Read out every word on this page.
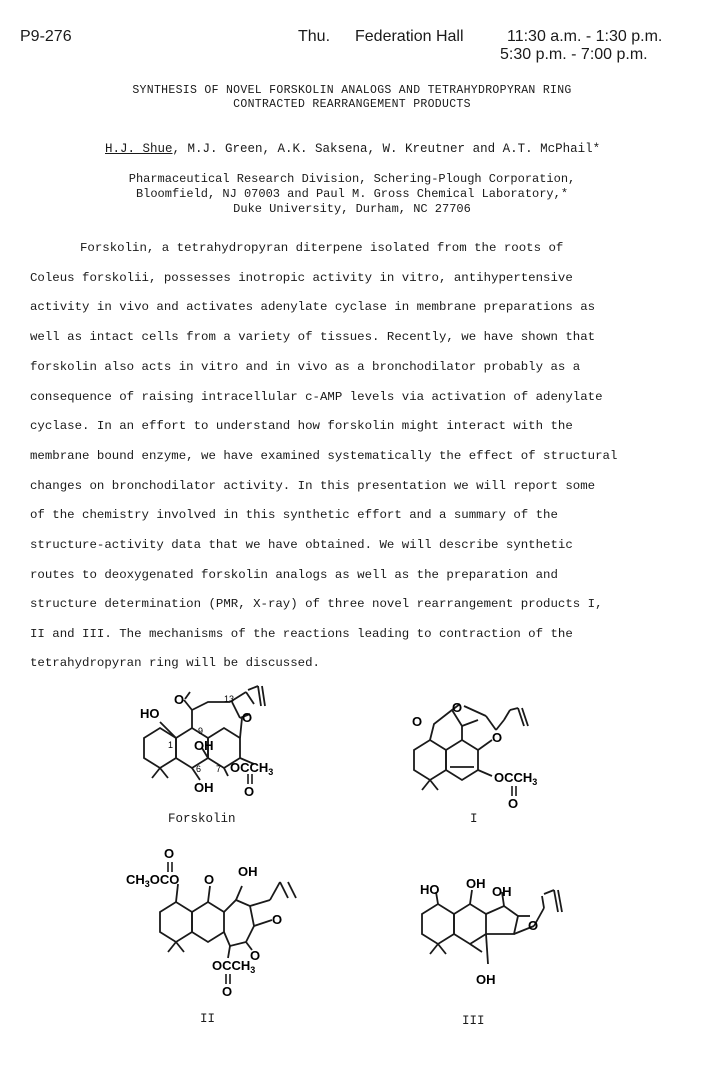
P9-276	Thu. Federation Hall	11:30 a.m. - 1:30 p.m.
5:30 p.m. - 7:00 p.m.
SYNTHESIS OF NOVEL FORSKOLIN ANALOGS AND TETRAHYDROPYRAN RING
CONTRACTED REARRANGEMENT PRODUCTS
H.J. Shue, M.J. Green, A.K. Saksena, W. Kreutner and A.T. McPhail*
Pharmaceutical Research Division, Schering-Plough Corporation,
Bloomfield, NJ 07003 and Paul M. Gross Chemical Laboratory,*
Duke University, Durham, NC 27706
Forskolin, a tetrahydropyran diterpene isolated from the roots of
Coleus forskolii, possesses inotropic activity in vitro, antihypertensive
activity in vivo and activates adenylate cyclase in membrane preparations as
well as intact cells from a variety of tissues. Recently, we have shown that
forskolin also acts in vitro and in vivo as a bronchodilator probably as a
consequence of raising intracellular c-AMP levels via activation of adenylate
cyclase. In an effort to understand how forskolin might interact with the
membrane bound enzyme, we have examined systematically the effect of structural
changes on bronchodilator activity. In this presentation we will report some
of the chemistry involved in this synthetic effort and a summary of the
structure-activity data that we have obtained. We will describe synthetic
routes to deoxygenated forskolin analogs as well as the preparation and
structure determination (PMR, X-ray) of three novel rearrangement products I,
II and III. The mechanisms of the reactions leading to contraction of the
tetrahydropyran ring will be discussed.
HO
O
O
OH
OH
$OCCH_3$
O
1
9
13
6 7
Forskolin
O
O
O
$OCCH_3$
O
I
O
$CH_3OCO$ O
OH
O
O
$OCCH_3$
O
II
HO OH
OH
O
OH
III
